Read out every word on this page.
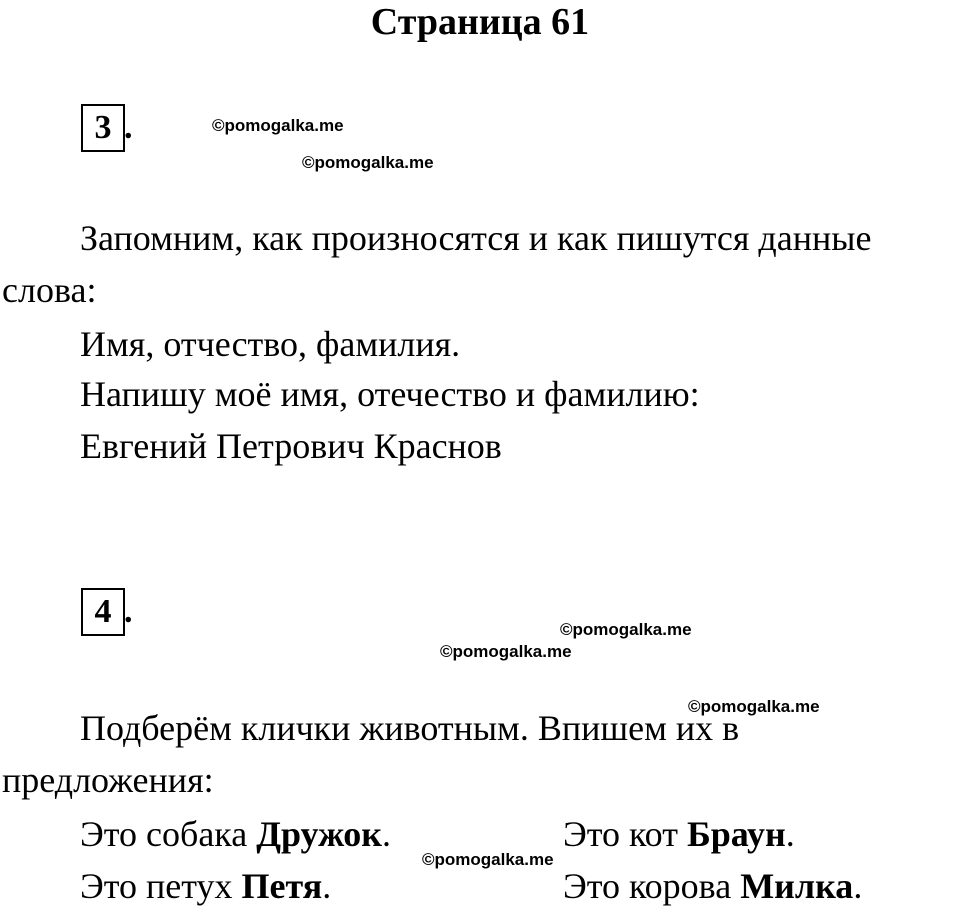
Страница 61
3 .	©pomogalka.me
©pomogalka.me
Запомним, как произносятся и как пишутся данные
слова:
Имя, отчество, фамилия.
Напишу моё имя, отечество и фамилию:
Евгений Петрович Краснов
4 .	©pomogalka.me
©pomogalka.me
©pomogalka.me
Подберём клички животным. Впишем их в
предложения:
Это собака Дружок.	Это кот Браун.
©pomogalka.me
Это петух Петя.	Это корова Милка.
